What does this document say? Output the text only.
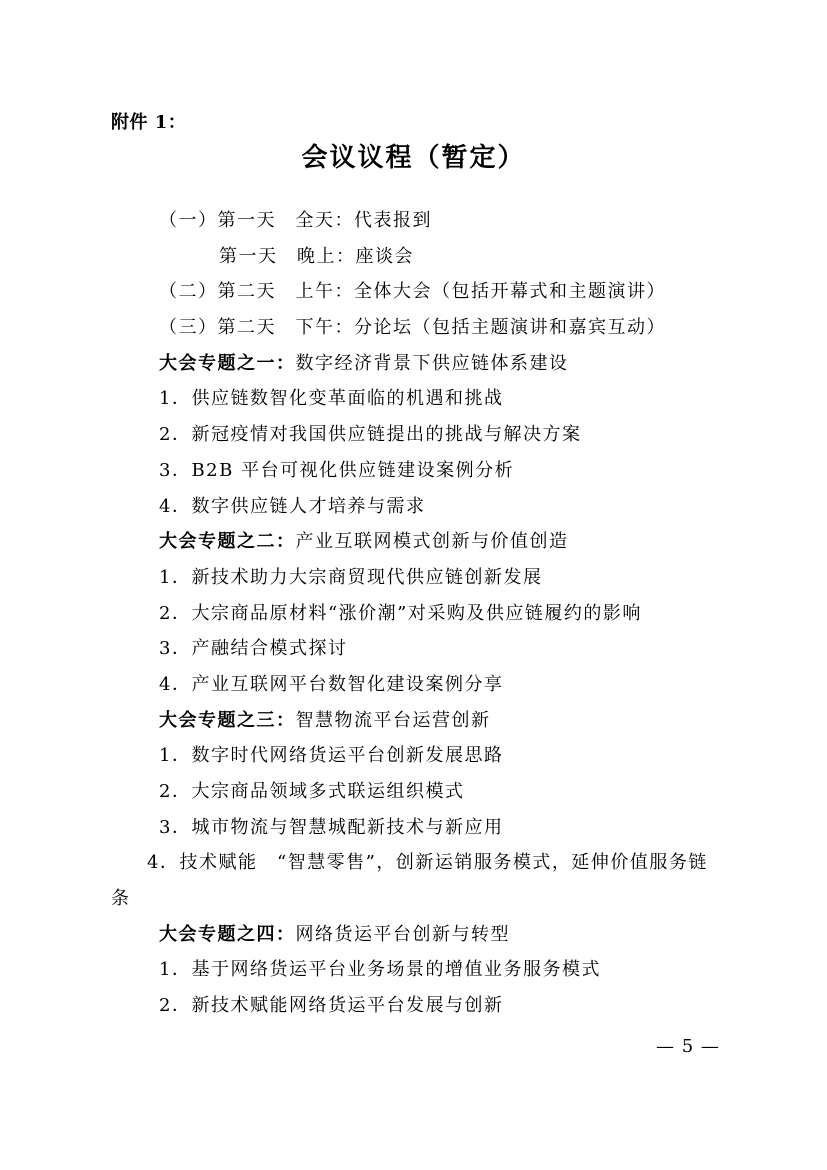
附件 1：
会议议程（暂定）
（一）第一天　全天：代表报到
第一天　晚上：座谈会
（二）第二天　上午：全体大会（包括开幕式和主题演讲）
（三）第二天　下午：分论坛（包括主题演讲和嘉宾互动）
大会专题之一：数字经济背景下供应链体系建设
1．供应链数智化变革面临的机遇和挑战
2．新冠疫情对我国供应链提出的挑战与解决方案
3．B2B 平台可视化供应链建设案例分析
4．数字供应链人才培养与需求
大会专题之二：产业互联网模式创新与价值创造
1．新技术助力大宗商贸现代供应链创新发展
2．大宗商品原材料“涨价潮”对采购及供应链履约的影响
3．产融结合模式探讨
4．产业互联网平台数智化建设案例分享
大会专题之三：智慧物流平台运营创新
1．数字时代网络货运平台创新发展思路
2．大宗商品领域多式联运组织模式
3．城市物流与智慧城配新技术与新应用
4．技术赋能　“智慧零售”，创新运销服务模式，延伸价值服务链条
大会专题之四：网络货运平台创新与转型
1．基于网络货运平台业务场景的增值业务服务模式
2．新技术赋能网络货运平台发展与创新
— 5 —
